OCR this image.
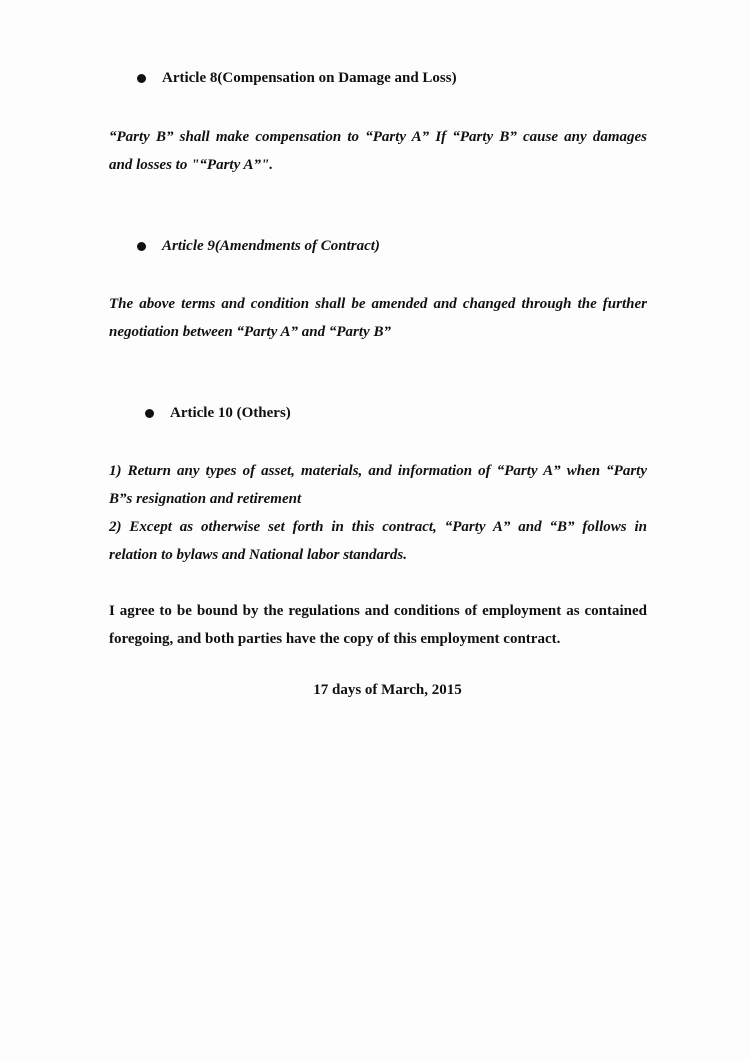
Article 8(Compensation on Damage and Loss)
“Party B” shall make compensation to “Party A” If “Party B” cause any damages
and losses to "“Party A”".
Article 9(Amendments of Contract)
The above terms and condition shall be amended and changed through the further
negotiation between “Party A” and “Party B”
Article 10 (Others)
1) Return any types of asset, materials, and information of “Party A” when “Party
B”s resignation and retirement
2) Except as otherwise set forth in this contract, “Party A” and “B” follows in
relation to bylaws and National labor standards.
I agree to be bound by the regulations and conditions of employment as contained
foregoing, and both parties have the copy of this employment contract.
17 days of March, 2015
